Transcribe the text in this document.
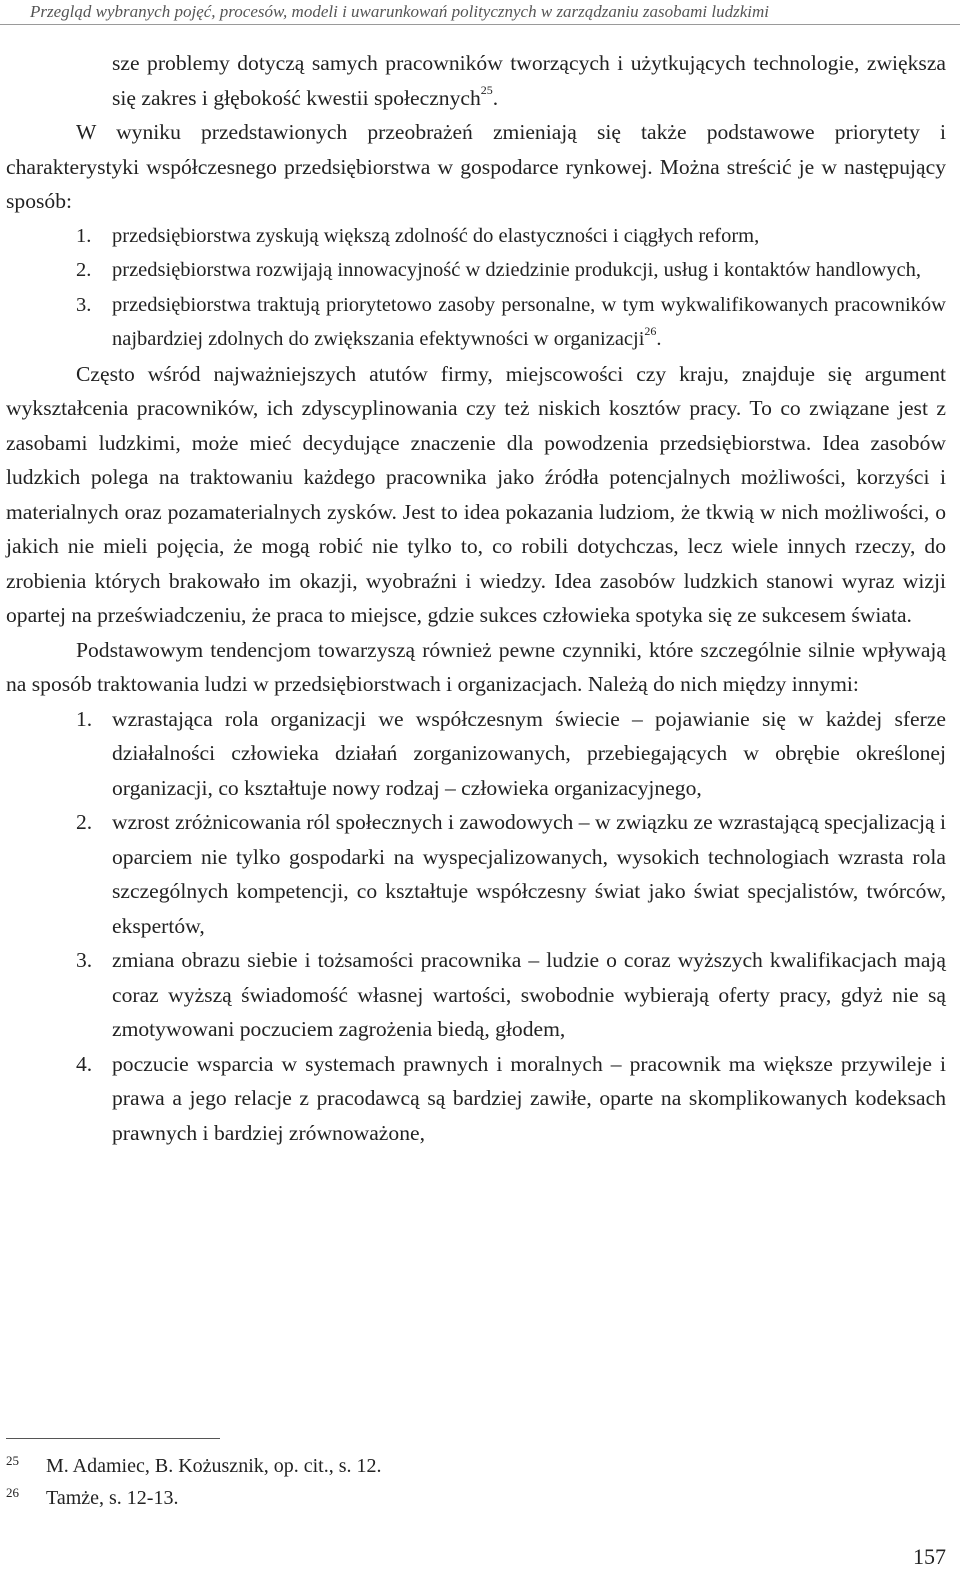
Przegląd wybranych pojęć, procesów, modeli i uwarunkowań politycznych w zarządzaniu zasobami ludzkimi

sze problemy dotyczą samych pracowników tworzących i użytkujących technologie, zwiększa się zakres i głębokość kwestii społecznych$^{25}$.

W wyniku przedstawionych przeobrażeń zmieniają się także podstawowe priorytety i charakterystyki współczesnego przedsiębiorstwa w gospodarce rynkowej. Można streścić je w następujący sposób:

1. przedsiębiorstwa zyskują większą zdolność do elastyczności i ciągłych reform,
2. przedsiębiorstwa rozwijają innowacyjność w dziedzinie produkcji, usług i kontaktów handlowych,
3. przedsiębiorstwa traktują priorytetowo zasoby personalne, w tym wykwalifikowanych pracowników najbardziej zdolnych do zwiększania efektywności w organizacji$^{26}$.

Często wśród najważniejszych atutów firmy, miejscowości czy kraju, znajduje się argument wykształcenia pracowników, ich zdyscyplinowania czy też niskich kosztów pracy. To co związane jest z zasobami ludzkimi, może mieć decydujące znaczenie dla powodzenia przedsiębiorstwa. Idea zasobów ludzkich polega na traktowaniu każdego pracownika jako źródła potencjalnych możliwości, korzyści i materialnych oraz pozamaterialnych zysków. Jest to idea pokazania ludziom, że tkwią w nich możliwości, o jakich nie mieli pojęcia, że mogą robić nie tylko to, co robili dotychczas, lecz wiele innych rzeczy, do zrobienia których brakowało im okazji, wyobraźni i wiedzy. Idea zasobów ludzkich stanowi wyraz wizji opartej na przeświadczeniu, że praca to miejsce, gdzie sukces człowieka spotyka się ze sukcesem świata.

Podstawowym tendencjom towarzyszą również pewne czynniki, które szczególnie silnie wpływają na sposób traktowania ludzi w przedsiębiorstwach i organizacjach. Należą do nich między innymi:

1. wzrastająca rola organizacji we współczesnym świecie – pojawianie się w każdej sferze działalności człowieka działań zorganizowanych, przebiegających w obrębie określonej organizacji, co kształtuje nowy rodzaj – człowieka organizacyjnego,
2. wzrost zróżnicowania ról społecznych i zawodowych – w związku ze wzrastającą specjalizacją i oparciem nie tylko gospodarki na wyspecjalizowanych, wysokich technologiach wzrasta rola szczególnych kompetencji, co kształtuje współczesny świat jako świat specjalistów, twórców, ekspertów,
3. zmiana obrazu siebie i tożsamości pracownika – ludzie o coraz wyższych kwalifikacjach mają coraz wyższą świadomość własnej wartości, swobodnie wybierają oferty pracy, gdyż nie są zmotywowani poczuciem zagrożenia biedą, głodem,
4. poczucie wsparcia w systemach prawnych i moralnych – pracownik ma większe przywileje i prawa a jego relacje z pracodawcą są bardziej zawiłe, oparte na skomplikowanych kodeksach prawnych i bardziej zrównoważone,
25 M. Adamiec, B. Kożusznik, op. cit., s. 12.
26 Tamże, s. 12-13.
157
